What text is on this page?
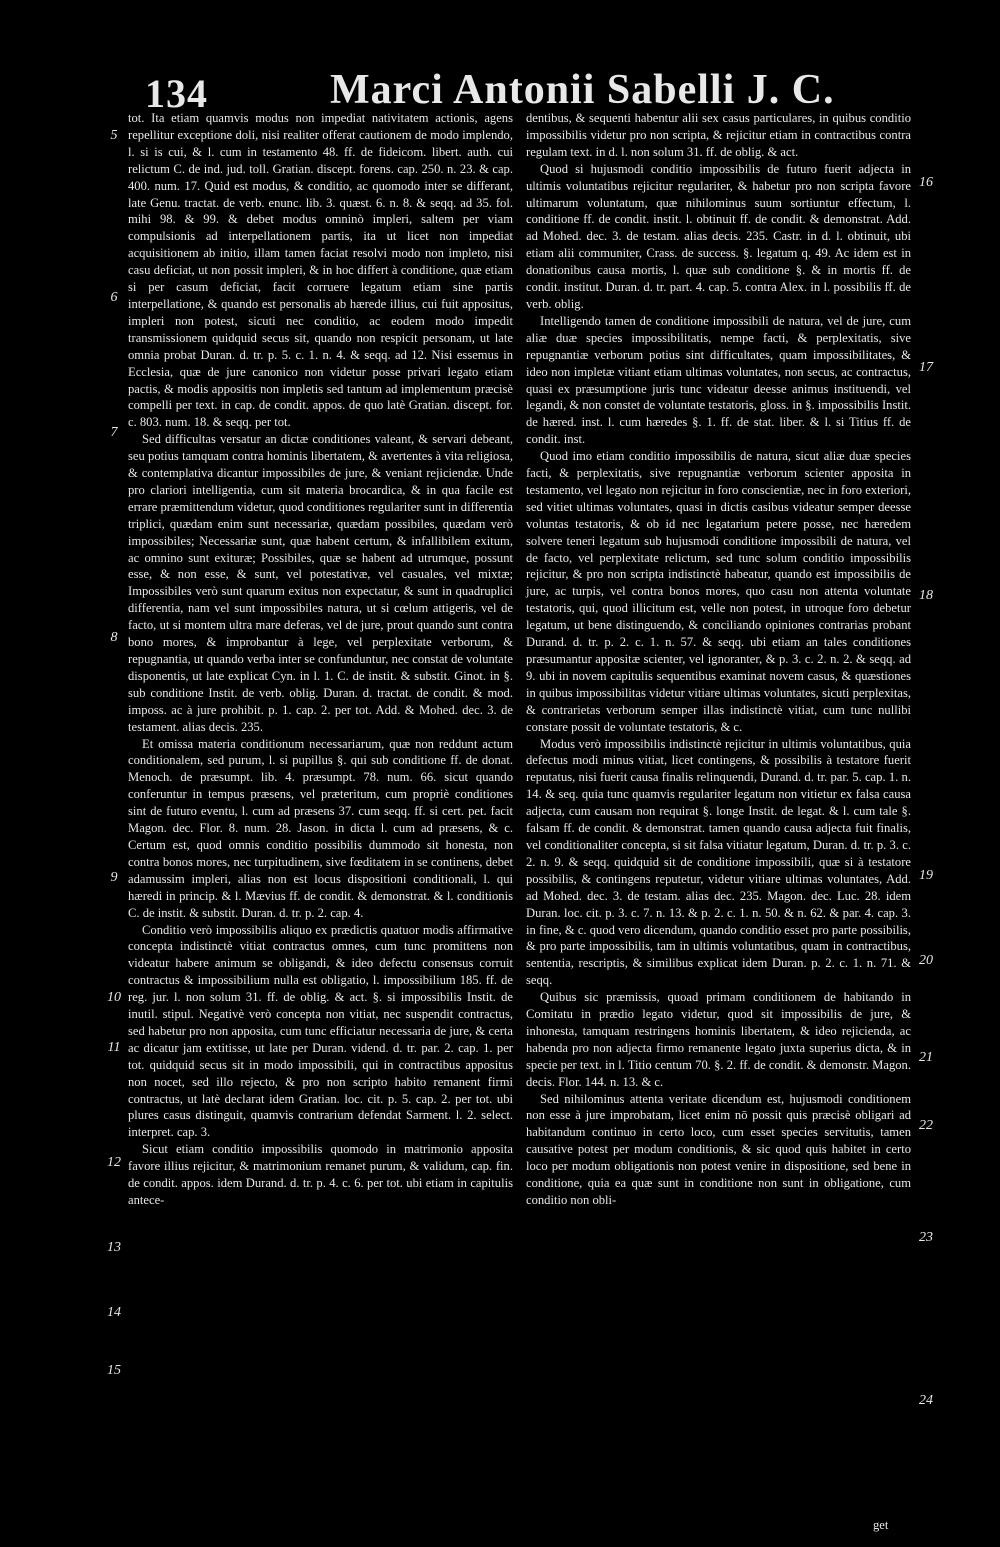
134	Marci Antonii Sabelli J. C.

tot. Ita etiam quamvis modus non impediat nativitatem actionis, agens repellitur exceptione doli, nisi realiter offerat cautionem de modo implendo, l. si is cui, & l. cum in testamento 48. ff. de fideicom. libert. auth. cui relictum C. de ind. jud. toll. Gratian. discept. forens. cap. 250. n. 23. & cap. 400. num. 17. Quid est modus, & conditio, ac quomodo inter se differant, late Genu. tractat. de verb. enunc. lib. 3. quæst. 6. n. 8. & seqq. ad 35. fol. mihi 98. & 99. & debet modus omninò impleri, saltem per viam compulsionis ad interpellationem partis, ita ut licet non impediat acquisitionem ab initio, illam tamen faciat resolvi modo non impleto, nisi casu deficiat, ut non possit impleri, & in hoc differt à conditione, quæ etiam si per casum deficiat, facit corruere legatum etiam sine partis interpellatione, & quando est personalis ab hærede illius, cui fuit appositus, impleri non potest, sicuti nec conditio, ac eodem modo impedit transmissionem quidquid secus sit, quando non respicit personam, ut late omnia probat Duran. d. tr. p. 5. c. 1. n. 4. & seqq. ad 12. Nisi essemus in Ecclesia, quæ de jure canonico non videtur posse privari legato etiam pactis, & modis appositis non impletis sed tantum ad implementum præcisè compelli per text. in cap. de condit. appos. de quo latè Gratian. discept. for. c. 803. num. 18. & seqq. per tot.

Sed difficultas versatur an dictæ conditiones valeant, & servari debeant, seu potius tamquam contra hominis libertatem, & avertentes à vita religiosa, & contemplativa dicantur impossibiles de jure, & veniant rejiciendæ. Unde pro clariori intelligentia, cum sit materia brocardica, & in qua facile est errare præmittendum videtur, quod conditiones regulariter sunt in differentia triplici, quædam enim sunt necessariæ, quædam possibiles, quædam verò impossibiles; Necessariæ sunt, quæ habent certum, & infallibilem exitum, ac omnino sunt exituræ; Possibiles, quæ se habent ad utrumque, possunt esse, & non esse, & sunt, vel potestativæ, vel casuales, vel mixtæ; Impossibiles verò sunt quarum exitus non expectatur, & sunt in quadruplici differentia, nam vel sunt impossibiles natura, ut si cœlum attigeris, vel de facto, ut si montem ultra mare deferas, vel de jure, prout quando sunt contra bono mores, & improbantur à lege, vel perplexitate verborum, & repugnantia, ut quando verba inter se confunduntur, nec constat de voluntate disponentis, ut late explicat Cyn. in l. 1. C. de instit. & substit. Ginot. in §. sub conditione Instit. de verb. oblig. Duran. d. tractat. de condit. & mod. imposs. ac à jure prohibit. p. 1. cap. 2. per tot. Add. & Mohed. dec. 3. de testament. alias decis. 235.

Et omissa materia conditionum necessariarum, quæ non reddunt actum conditionalem, sed purum, l. si pupillus §. qui sub conditione ff. de donat. Menoch. de præsumpt. lib. 4. præsumpt. 78. num. 66. sicut quando conferuntur in tempus præsens, vel præteritum, cum propriè conditiones sint de futuro eventu, l. cum ad præsens 37. cum seqq. ff. si cert. pet. facit Magon. dec. Flor. 8. num. 28. Jason. in dicta l. cum ad præsens, & c. Certum est, quod omnis conditio possibilis dummodo sit honesta, non contra bonos mores, nec turpitudinem, sive fœditatem in se continens, debet adamussim impleri, alias non est locus dispositioni conditionali, l. qui hæredi in princip. & l. Mævius ff. de condit. & demonstrat. & l. conditionis C. de instit. & substit. Duran. d. tr. p. 2. cap. 4.

Conditio verò impossibilis aliquo ex prædictis quatuor modis affirmative concepta indistinctè vitiat contractus omnes, cum tunc promittens non videatur habere animum se obligandi, & ideo defectu consensus corruit contractus & impossibilium nulla est obligatio, l. impossibilium 185. ff. de reg. jur. l. non solum 31. ff. de oblig. & act. §. si impossibilis Instit. de inutil. stipul. Negativè verò concepta non vitiat, nec suspendit contractus, sed habetur pro non apposita, cum tunc efficiatur necessaria de jure, & certa ac dicatur jam extitisse, ut late per Duran. vidend. d. tr. par. 2. cap. 1. per tot. quidquid secus sit in modo impossibili, qui in contractibus appositus non nocet, sed illo rejecto, & pro non scripto habito remanent firmi contractus, ut latè declarat idem Gratian. loc. cit. p. 5. cap. 2. per tot. ubi plures casus distinguit, quamvis contrarium defendat Sarment. l. 2. select. interpret. cap. 3.

Sicut etiam conditio impossibilis quomodo in matrimonio apposita favore illius rejicitur, & matrimonium remanet purum, & validum, cap. fin. de condit. appos. idem Durand. d. tr. p. 4. c. 6. per tot. ubi etiam in capitulis antece-

dentibus, & sequenti habentur alii sex casus particulares, in quibus conditio impossibilis videtur pro non scripta, & rejicitur etiam in contractibus contra regulam text. in d. l. non solum 31. ff. de oblig. & act.

Quod si hujusmodi conditio impossibilis de futuro fuerit adjecta in ultimis voluntatibus rejicitur regulariter, & habetur pro non scripta favore ultimarum voluntatum, quæ nihilominus suum sortiuntur effectum, l. conditione ff. de condit. instit. l. obtinuit ff. de condit. & demonstrat. Add. ad Mohed. dec. 3. de testam. alias decis. 235. Castr. in d. l. obtinuit, ubi etiam alii communiter, Crass. de success. §. legatum q. 49. Ac idem est in donationibus causa mortis, l. quæ sub conditione §. & in mortis ff. de condit. institut. Duran. d. tr. part. 4. cap. 5. contra Alex. in l. possibilis ff. de verb. oblig.

Intelligendo tamen de conditione impossibili de natura, vel de jure, cum aliæ duæ species impossibilitatis, nempe facti, & perplexitatis, sive repugnantiæ verborum potius sint difficultates, quam impossibilitates, & ideo non impletæ vitiant etiam ultimas voluntates, non secus, ac contractus, quasi ex præsumptione juris tunc videatur deesse animus instituendi, vel legandi, & non constet de voluntate testatoris, gloss. in §. impossibilis Instit. de hæred. inst. l. cum hæredes §. 1. ff. de stat. liber. & l. si Titius ff. de condit. inst.

Quod imo etiam conditio impossibilis de natura, sicut aliæ duæ species facti, & perplexitatis, sive repugnantiæ verborum scienter apposita in testamento, vel legato non rejicitur in foro conscientiæ, nec in foro exteriori, sed vitiet ultimas voluntates, quasi in dictis casibus videatur semper deesse voluntas testatoris, & ob id nec legatarium petere posse, nec hæredem solvere teneri legatum sub hujusmodi conditione impossibili de natura, vel de facto, vel perplexitate relictum, sed tunc solum conditio impossibilis rejicitur, & pro non scripta indistinctè habeatur, quando est impossibilis de jure, ac turpis, vel contra bonos mores, quo casu non attenta voluntate testatoris, qui, quod illicitum est, velle non potest, in utroque foro debetur legatum, ut bene distinguendo, & conciliando opiniones contrarias probant Durand. d. tr. p. 2. c. 1. n. 57. & seqq. ubi etiam an tales conditiones præsumantur appositæ scienter, vel ignoranter, & p. 3. c. 2. n. 2. & seqq. ad 9. ubi in novem capitulis sequentibus examinat novem casus, & quæstiones in quibus impossibilitas videtur vitiare ultimas voluntates, sicuti perplexitas, & contrarietas verborum semper illas indistinctè vitiat, cum tunc nullibi constare possit de voluntate testatoris, & c.

Modus verò impossibilis indistinctè rejicitur in ultimis voluntatibus, quia defectus modi minus vitiat, licet contingens, & possibilis à testatore fuerit reputatus, nisi fuerit causa finalis relinquendi, Durand. d. tr. par. 5. cap. 1. n. 14. & seq. quia tunc quamvis regulariter legatum non vitietur ex falsa causa adjecta, cum causam non requirat §. longe Instit. de legat. & l. cum tale §. falsam ff. de condit. & demonstrat. tamen quando causa adjecta fuit finalis, vel conditionaliter concepta, si sit falsa vitiatur legatum, Duran. d. tr. p. 3. c. 2. n. 9. & seqq. quidquid sit de conditione impossibili, quæ si à testatore possibilis, & contingens reputetur, videtur vitiare ultimas voluntates, Add. ad Mohed. dec. 3. de testam. alias dec. 235. Magon. dec. Luc. 28. idem Duran. loc. cit. p. 3. c. 7. n. 13. & p. 2. c. 1. n. 50. & n. 62. & par. 4. cap. 3. in fine, & c. quod vero dicendum, quando conditio esset pro parte possibilis, & pro parte impossibilis, tam in ultimis voluntatibus, quam in contractibus, sententia, rescriptis, & similibus explicat idem Duran. p. 2. c. 1. n. 71. & seqq.

Quibus sic præmissis, quoad primam conditionem de habitando in Comitatu in prædio legato videtur, quod sit impossibilis de jure, & inhonesta, tamquam restringens hominis libertatem, & ideo rejicienda, ac habenda pro non adjecta firmo remanente legato juxta superius dicta, & in specie per text. in l. Titio centum 70. §. 2. ff. de condit. & demonstr. Magon. decis. Flor. 144. n. 13. & c.

Sed nihilominus attenta veritate dicendum est, hujusmodi conditionem non esse à jure improbatam, licet enim nō possit quis præcisè obligari ad habitandum continuo in certo loco, cum esset species servitutis, tamen causative potest per modum conditionis, & sic quod quis habitet in certo loco per modum obligationis non potest venire in dispositione, sed bene in conditione, quia ea quæ sunt in conditione non sunt in obligatione, cum conditio non obli-

5
6
7
8
9
10
11
12
13
14
15
16
17
18
19
20
21
22
23
24
get
